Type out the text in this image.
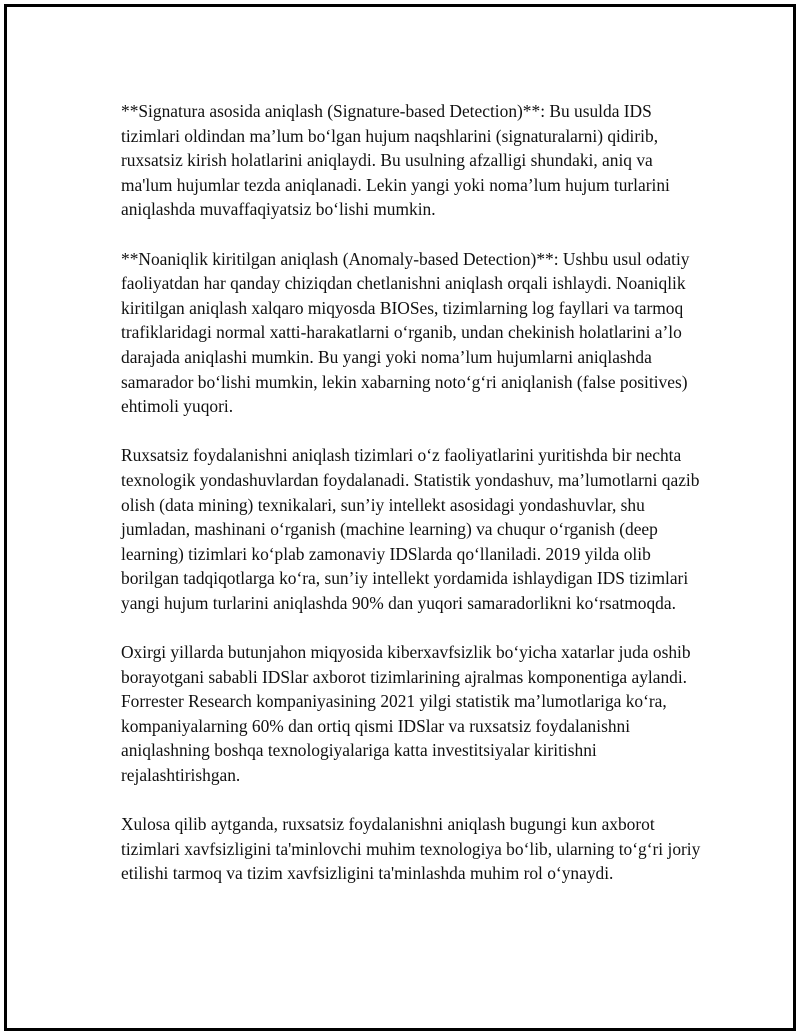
**Signatura asosida aniqlash (Signature-based Detection)**: Bu usulda IDS tizimlari oldindan ma’lum bo‘lgan hujum naqshlarini (signaturalarni) qidirib, ruxsatsiz kirish holatlarini aniqlaydi. Bu usulning afzalligi shundaki, aniq va ma'lum hujumlar tezda aniqlanadi. Lekin yangi yoki noma’lum hujum turlarini aniqlashda muvaffaqiyatsiz bo‘lishi mumkin.

**Noaniqlik kiritilgan aniqlash (Anomaly-based Detection)**: Ushbu usul odatiy faoliyatdan har qanday chiziqdan chetlanishni aniqlash orqali ishlaydi. Noaniqlik kiritilgan aniqlash xalqaro miqyosda BIOSes, tizimlarning log fayllari va tarmoq trafiklaridagi normal xatti-harakatlarni o‘rganib, undan chekinish holatlarini a’lo darajada aniqlashi mumkin. Bu yangi yoki noma’lum hujumlarni aniqlashda samarador bo‘lishi mumkin, lekin xabarning noto‘g‘ri aniqlanish (false positives) ehtimoli yuqori.

Ruxsatsiz foydalanishni aniqlash tizimlari o‘z faoliyatlarini yuritishda bir nechta texnologik yondashuvlardan foydalanadi. Statistik yondashuv, ma’lumotlarni qazib olish (data mining) texnikalari, sun’iy intellekt asosidagi yondashuvlar, shu jumladan, mashinani o‘rganish (machine learning) va chuqur o‘rganish (deep learning) tizimlari ko‘plab zamonaviy IDSlarda qo‘llaniladi. 2019 yilda olib borilgan tadqiqotlarga ko‘ra, sun’iy intellekt yordamida ishlaydigan IDS tizimlari yangi hujum turlarini aniqlashda 90% dan yuqori samaradorlikni ko‘rsatmoqda.

Oxirgi yillarda butunjahon miqyosida kiberxavfsizlik bo‘yicha xatarlar juda oshib borayotgani sababli IDSlar axborot tizimlarining ajralmas komponentiga aylandi. Forrester Research kompaniyasining 2021 yilgi statistik ma’lumotlariga ko‘ra, kompaniyalarning 60% dan ortiq qismi IDSlar va ruxsatsiz foydalanishni aniqlashning boshqa texnologiyalariga katta investitsiyalar kiritishni rejalashtirishgan.

Xulosa qilib aytganda, ruxsatsiz foydalanishni aniqlash bugungi kun axborot tizimlari xavfsizligini ta'minlovchi muhim texnologiya bo‘lib, ularning to‘g‘ri joriy etilishi tarmoq va tizim xavfsizligini ta'minlashda muhim rol o‘ynaydi.
